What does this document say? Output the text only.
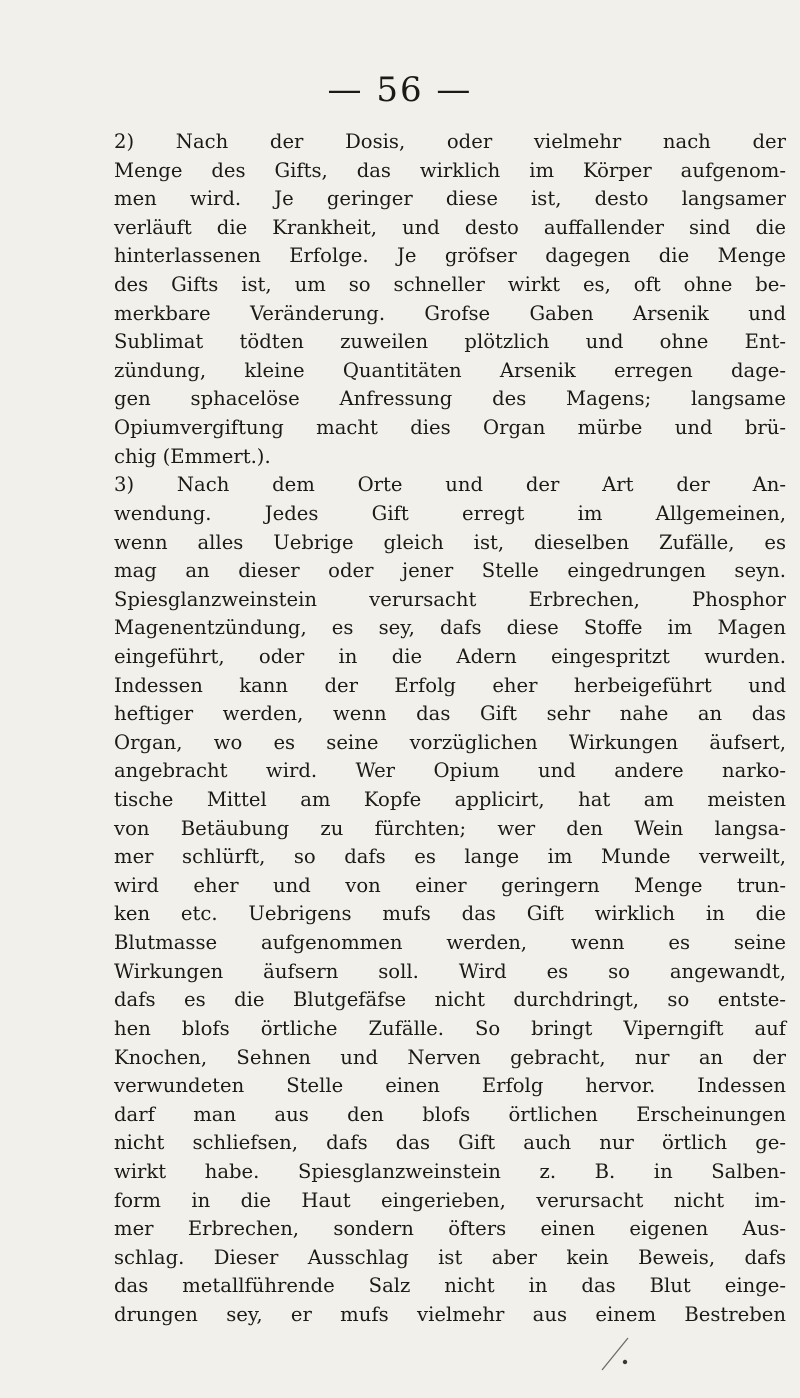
— 56 —
2) Nach der Dosis, oder vielmehr nach der
Menge des Gifts, das wirklich im Körper aufgenom-
men wird. Je geringer diese ist, desto langsamer
verläuft die Krankheit, und desto auffallender sind die
hinterlassenen Erfolge. Je gröfser dagegen die Menge
des Gifts ist, um so schneller wirkt es, oft ohne be-
merkbare Veränderung. Grofse Gaben Arsenik und
Sublimat tödten zuweilen plötzlich und ohne Ent-
zündung, kleine Quantitäten Arsenik erregen dage-
gen sphacelöse Anfressung des Magens; langsame
Opiumvergiftung macht dies Organ mürbe und brü-
chig (Emmert.).
3) Nach dem Orte und der Art der An-
wendung. Jedes Gift erregt im Allgemeinen,
wenn alles Uebrige gleich ist, dieselben Zufälle, es
mag an dieser oder jener Stelle eingedrungen seyn.
Spiesglanzweinstein verursacht Erbrechen, Phosphor
Magenentzündung, es sey, dafs diese Stoffe im Magen
eingeführt, oder in die Adern eingespritzt wurden.
Indessen kann der Erfolg eher herbeigeführt und
heftiger werden, wenn das Gift sehr nahe an das
Organ, wo es seine vorzüglichen Wirkungen äufsert,
angebracht wird. Wer Opium und andere narko-
tische Mittel am Kopfe applicirt, hat am meisten
von Betäubung zu fürchten; wer den Wein langsa-
mer schlürft, so dafs es lange im Munde verweilt,
wird eher und von einer geringern Menge trun-
ken etc. Uebrigens mufs das Gift wirklich in die
Blutmasse aufgenommen werden, wenn es seine
Wirkungen äufsern soll. Wird es so angewandt,
dafs es die Blutgefäfse nicht durchdringt, so entste-
hen blofs örtliche Zufälle. So bringt Viperngift auf
Knochen, Sehnen und Nerven gebracht, nur an der
verwundeten Stelle einen Erfolg hervor. Indessen
darf man aus den blofs örtlichen Erscheinungen
nicht schliefsen, dafs das Gift auch nur örtlich ge-
wirkt habe. Spiesglanzweinstein z. B. in Salben-
form in die Haut eingerieben, verursacht nicht im-
mer Erbrechen, sondern öfters einen eigenen Aus-
schlag. Dieser Ausschlag ist aber kein Beweis, dafs
das metallführende Salz nicht in das Blut einge-
drungen sey, er mufs vielmehr aus einem Bestreben
